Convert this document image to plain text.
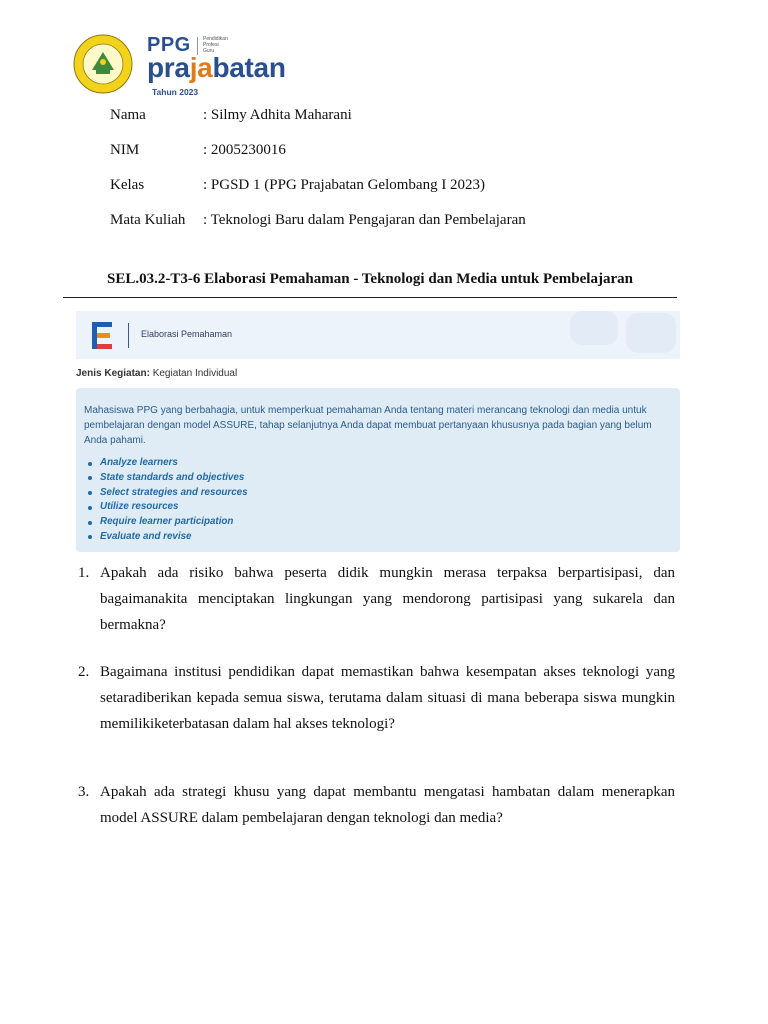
PPG Pendidikan
Profesi
Guru
prajabatan
Tahun 2023
Nama	: Silmy Adhita Maharani
NIM	: 2005230016
Kelas	: PGSD 1 (PPG Prajabatan Gelombang I 2023)
Mata Kuliah : Teknologi Baru dalam Pengajaran dan Pembelajaran
SEL.03.2-T3-6 Elaborasi Pemahaman - Teknologi dan Media untuk Pembelajaran
Elaborasi Pemahaman
Jenis Kegiatan: Kegiatan Individual
Mahasiswa PPG yang berbahagia, untuk memperkuat pemahaman Anda tentang materi merancang teknologi dan media untuk pembelajaran dengan model ASSURE, tahap selanjutnya Anda dapat membuat pertanyaan khususnya pada bagian yang belum Anda pahami.
Analyze learners
State standards and objectives
Select strategies and resources
Utilize resources
Require learner participation
Evaluate and revise
1. Apakah ada risiko bahwa peserta didik mungkin merasa terpaksa berpartisipasi, dan bagaimanakita menciptakan lingkungan yang mendorong partisipasi yang sukarela dan bermakna?
2. Bagaimana institusi pendidikan dapat memastikan bahwa kesempatan akses teknologi yang setaradiberikan kepada semua siswa, terutama dalam situasi di mana beberapa siswa mungkin memilikiketerbatasan dalam hal akses teknologi?
3. Apakah ada strategi khusu yang dapat membantu mengatasi hambatan dalam menerapkan model ASSURE dalam pembelajaran dengan teknologi dan media?
